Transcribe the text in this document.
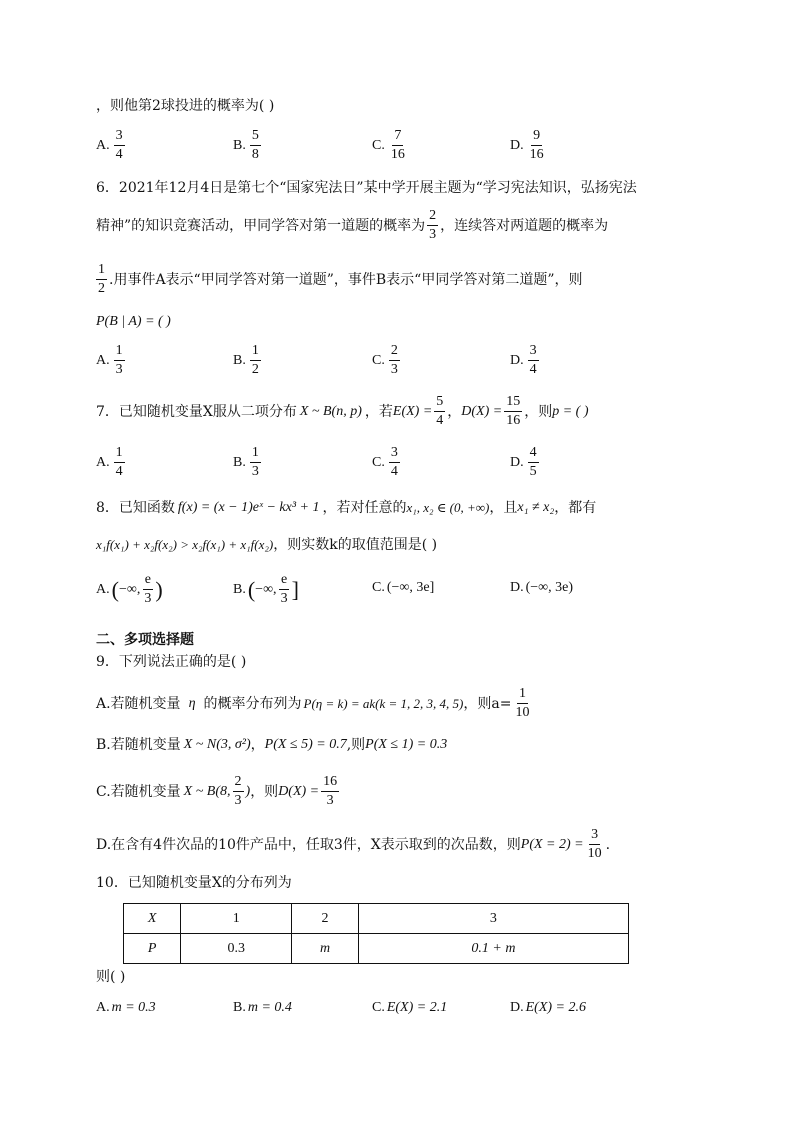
，则他第2球投进的概率为( )
A. $\frac{3}{4}$	B. $\frac{5}{8}$	C. $\frac{7}{16}$	D. $\frac{9}{16}$
6．2021年12月4日是第七个“国家宪法日”某中学开展主题为“学习宪法知识，弘扬宪法
精神”的知识竞赛活动，甲同学答对第一道题的概率为 $\frac{2}{3}$ ，连续答对两道题的概率为
$\frac{1}{2}$ .用事件A表示“甲同学答对第一道题”，事件B表示“甲同学答对第二道题”，则
P(B | A) = ( )
A. $\frac{1}{3}$	B. $\frac{1}{2}$	C. $\frac{2}{3}$	D. $\frac{3}{4}$
7．已知随机变量X服从二项分布 X ~ B(n, p) ，若 $E(X) = \frac{5}{4}$ ， $D(X) = \frac{15}{16}$ ，则 p = ( )
A. $\frac{1}{4}$	B. $\frac{1}{3}$	C. $\frac{3}{4}$	D. $\frac{4}{5}$
8．已知函数 f(x) = (x − 1)eˣ − kx³ + 1 ，若对任意的 x₁, x₂ ∈ (0, +∞) ，且 x₁ ≠ x₂ ，都有
x₁f(x₁) + x₂f(x₂) > x₂f(x₁) + x₁f(x₂) ，则实数k的取值范围是( )
A. ( −∞, $\frac{e}{3}$ )	B. ( −∞, $\frac{e}{3}$ ]	C. (−∞, 3e]	D. (−∞, 3e)
二、多项选择题
9．下列说法正确的是( )
A.若随机变量 η 的概率分布列为 P(η = k) = ak(k = 1, 2, 3, 4, 5) ，则$a= \frac{1}{10}$
B.若随机变量 X ~ N(3, σ²) ， P(X ≤ 5) = 0.7 ,则 P(X ≤ 1) = 0.3
C.若随机变量 X ~ B(8, $\frac{2}{3}$ ) ，则 $D(X) = \frac{16}{3}$
D.在含有4件次品的10件产品中，任取3件，X表示取到的次品数，则 $P(X = 2) = \frac{3}{10}$ .
10．已知随机变量X的分布列为
X	1	2	3
P	0.3	m	0.1 + m
则( )
A. m = 0.3	B. m = 0.4	C. E(X) = 2.1	D. E(X) = 2.6
